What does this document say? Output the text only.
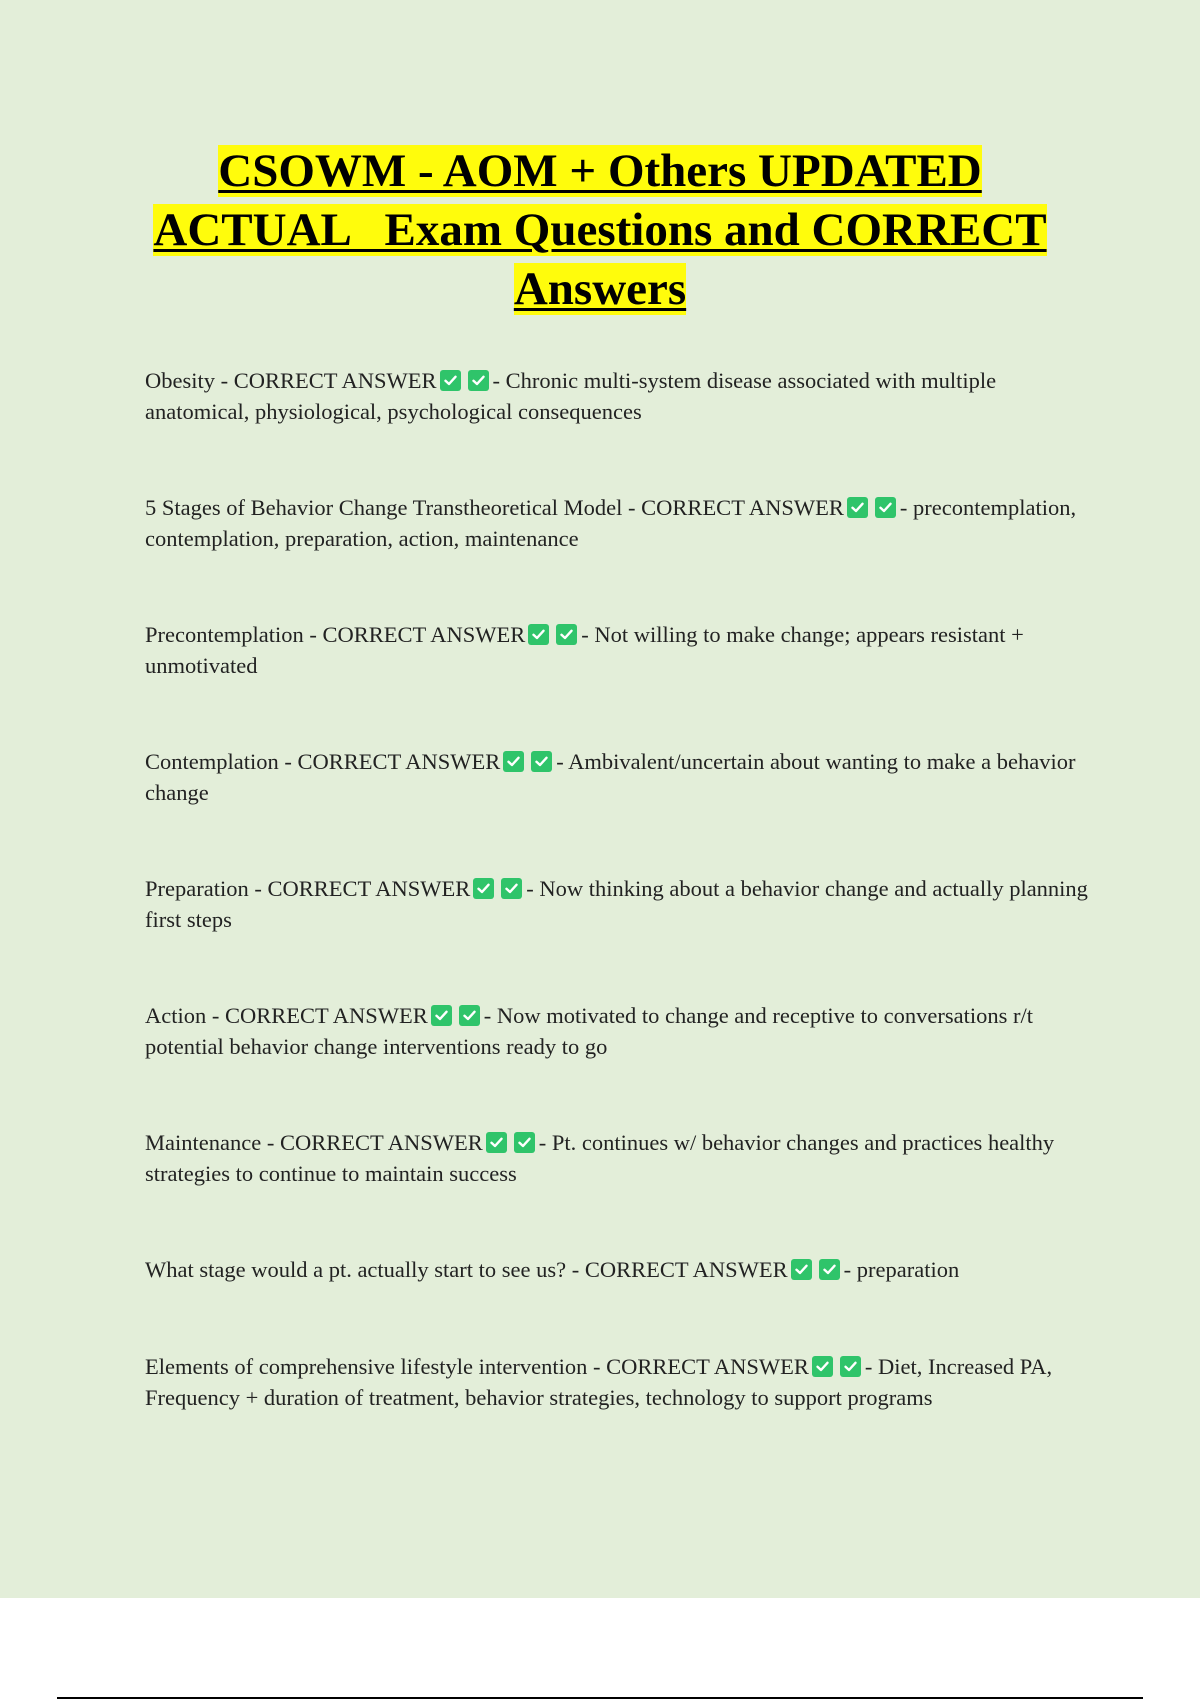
CSOWM - AOM + Others UPDATED
ACTUAL   Exam Questions and CORRECT
Answers

Obesity - CORRECT ANSWER - Chronic multi-system disease associated with multiple anatomical, physiological, psychological consequences

5 Stages of Behavior Change Transtheoretical Model - CORRECT ANSWER - precontemplation, contemplation, preparation, action, maintenance

Precontemplation - CORRECT ANSWER - Not willing to make change; appears resistant + unmotivated

Contemplation - CORRECT ANSWER - Ambivalent/uncertain about wanting to make a behavior change

Preparation - CORRECT ANSWER - Now thinking about a behavior change and actually planning first steps

Action - CORRECT ANSWER - Now motivated to change and receptive to conversations r/t potential behavior change interventions ready to go

Maintenance - CORRECT ANSWER - Pt. continues w/ behavior changes and practices healthy strategies to continue to maintain success

What stage would a pt. actually start to see us? - CORRECT ANSWER - preparation

Elements of comprehensive lifestyle intervention - CORRECT ANSWER - Diet, Increased PA, Frequency + duration of treatment, behavior strategies, technology to support programs
